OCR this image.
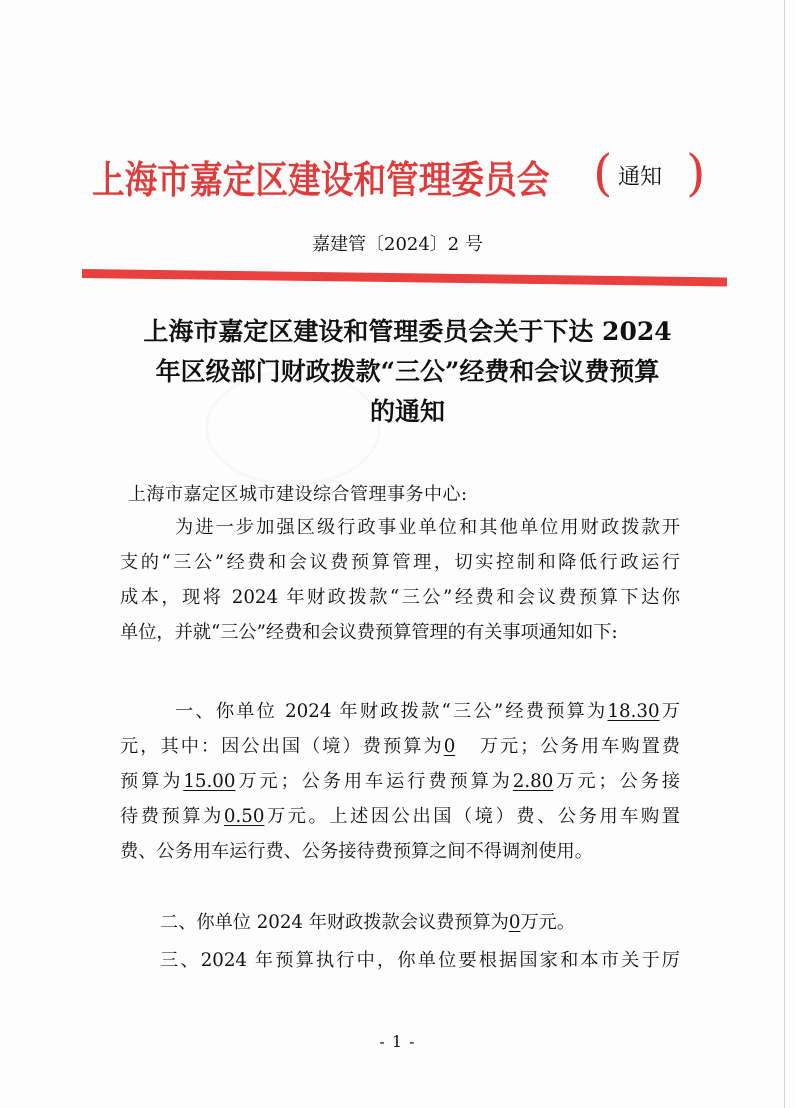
上海市嘉定区建设和管理委员会 ( 通知 )
嘉建管〔2024〕2 号
上海市嘉定区建设和管理委员会关于下达 2024
年区级部门财政拨款“三公”经费和会议费预算
的通知
上海市嘉定区城市建设综合管理事务中心:
为进一步加强区级行政事业单位和其他单位用财政拨款开
支的“三公”经费和会议费预算管理，切实控制和降低行政运行
成本，现将 2024 年财政拨款“三公”经费和会议费预算下达你
单位，并就“三公”经费和会议费预算管理的有关事项通知如下:
一、你单位 2024 年财政拨款“三公”经费预算为18.30万
元，其中：因公出国（境）费预算为0 万元；公务用车购置费
预算为15.00万元；公务用车运行费预算为2.80万元；公务接
待费预算为0.50万元。上述因公出国（境）费、公务用车购置
费、公务用车运行费、公务接待费预算之间不得调剂使用。
二、你单位 2024 年财政拨款会议费预算为0万元。
三、2024 年预算执行中，你单位要根据国家和本市关于厉
- 1 -
